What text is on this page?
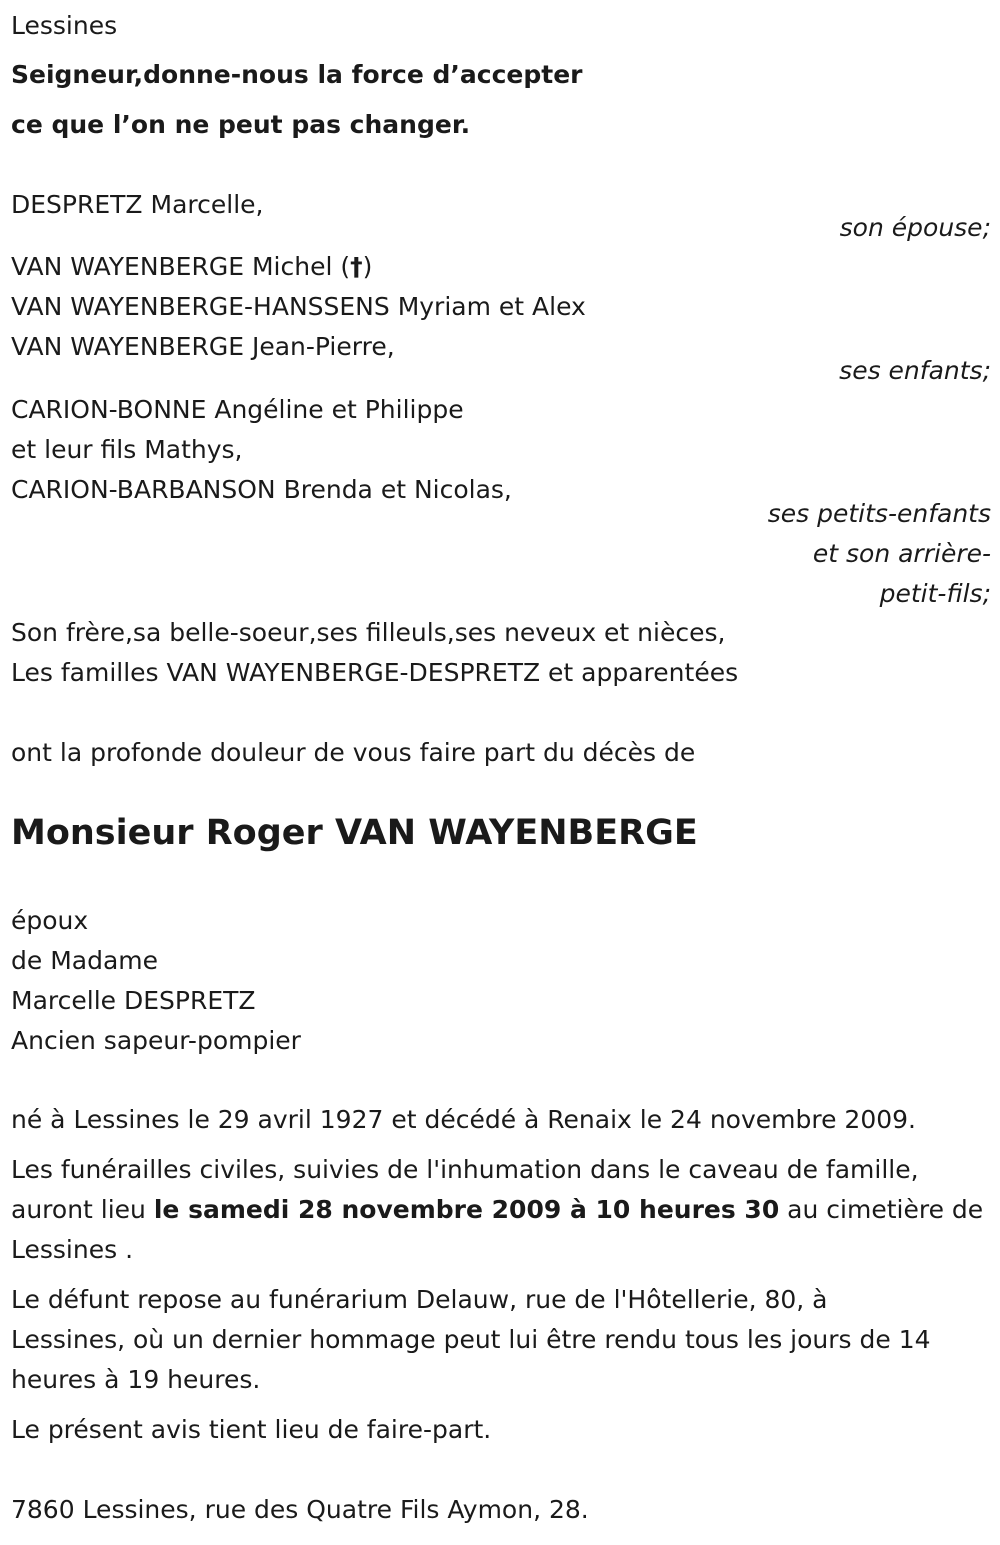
Lessines
Seigneur,donne-nous la force d’accepter
ce que l’on ne peut pas changer.
DESPRETZ Marcelle,
son épouse;
VAN WAYENBERGE Michel (†)
VAN WAYENBERGE-HANSSENS Myriam et Alex
VAN WAYENBERGE Jean-Pierre,
ses enfants;
CARION-BONNE Angéline et Philippe
et leur fils Mathys,
CARION-BARBANSON Brenda et Nicolas,
ses petits-enfants
et son arrière-
petit-fils;
Son frère,sa belle-soeur,ses filleuls,ses neveux et nièces,
Les familles VAN WAYENBERGE-DESPRETZ et apparentées
ont la profonde douleur de vous faire part du décès de
Monsieur Roger VAN WAYENBERGE
époux
de Madame
Marcelle DESPRETZ
Ancien sapeur-pompier
né à Lessines le 29 avril 1927 et décédé à Renaix le 24 novembre 2009.
Les funérailles civiles, suivies de l'inhumation dans le caveau de famille,
auront lieu le samedi 28 novembre 2009 à 10 heures 30 au cimetière de
Lessines .
Le défunt repose au funérarium Delauw, rue de l'Hôtellerie, 80, à
Lessines, où un dernier hommage peut lui être rendu tous les jours de 14
heures à 19 heures.
Le présent avis tient lieu de faire-part.
7860 Lessines, rue des Quatre Fils Aymon, 28.
